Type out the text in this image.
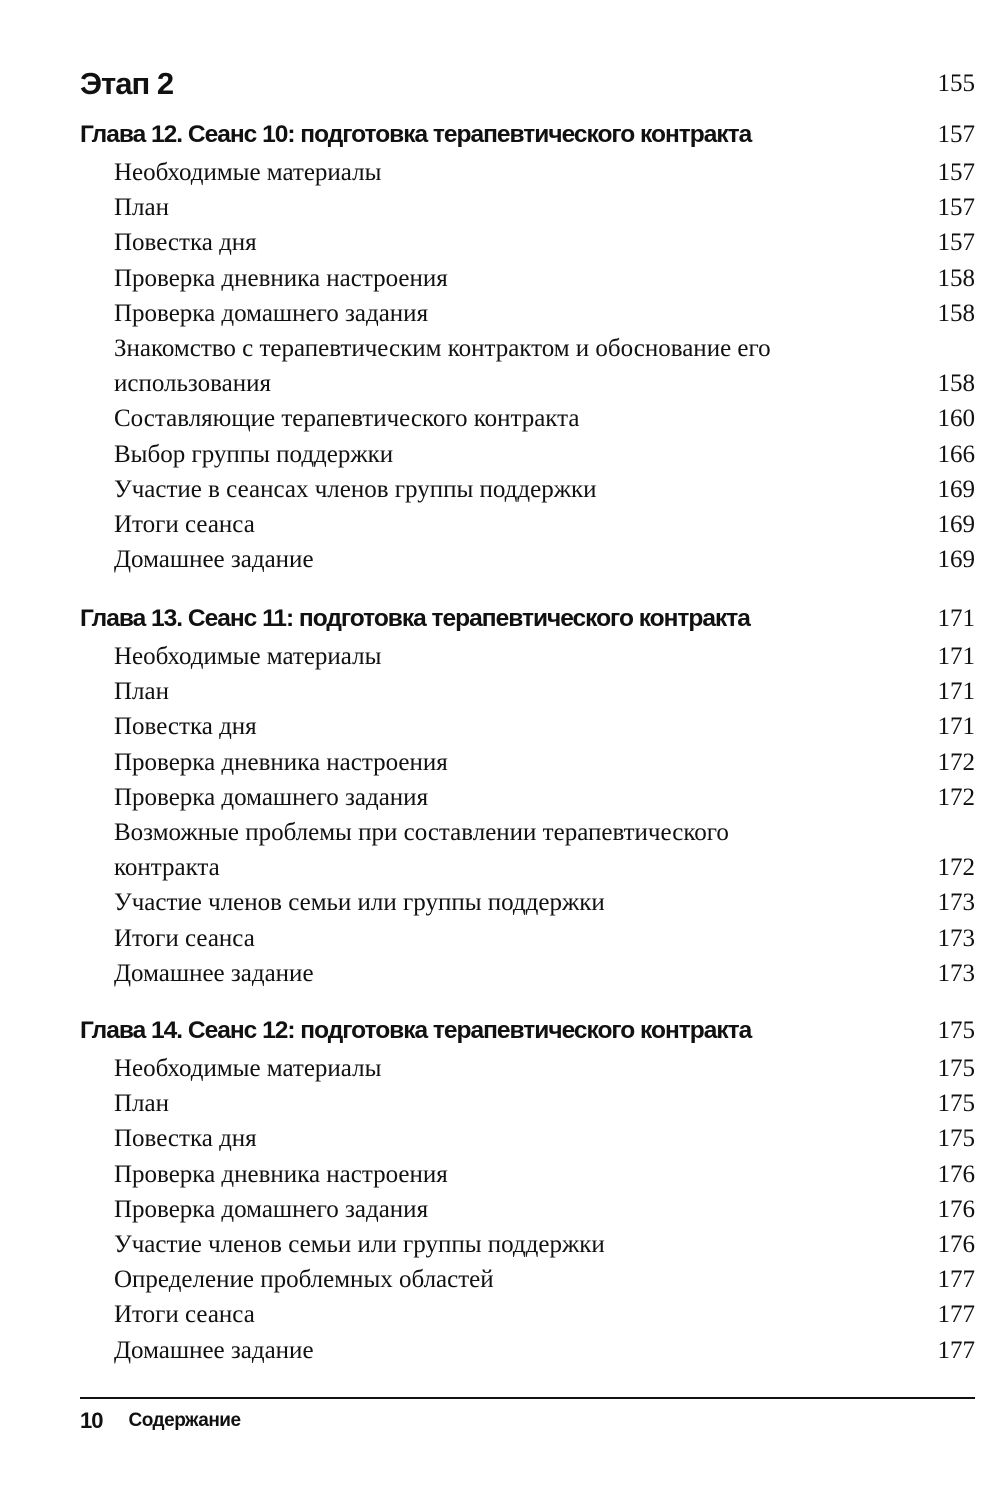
Этап 2	155
Глава 12. Сеанс 10: подготовка терапевтического контракта	157
Необходимые материалы	157
План	157
Повестка дня	157
Проверка дневника настроения	158
Проверка домашнего задания	158
Знакомство с терапевтическим контрактом и обоснование его использования	158
Составляющие терапевтического контракта	160
Выбор группы поддержки	166
Участие в сеансах членов группы поддержки	169
Итоги сеанса	169
Домашнее задание	169
Глава 13. Сеанс 11: подготовка терапевтического контракта	171
Необходимые материалы	171
План	171
Повестка дня	171
Проверка дневника настроения	172
Проверка домашнего задания	172
Возможные проблемы при составлении терапевтического контракта	172
Участие членов семьи или группы поддержки	173
Итоги сеанса	173
Домашнее задание	173
Глава 14. Сеанс 12: подготовка терапевтического контракта	175
Необходимые материалы	175
План	175
Повестка дня	175
Проверка дневника настроения	176
Проверка домашнего задания	176
Участие членов семьи или группы поддержки	176
Определение проблемных областей	177
Итоги сеанса	177
Домашнее задание	177
10 Содержание
